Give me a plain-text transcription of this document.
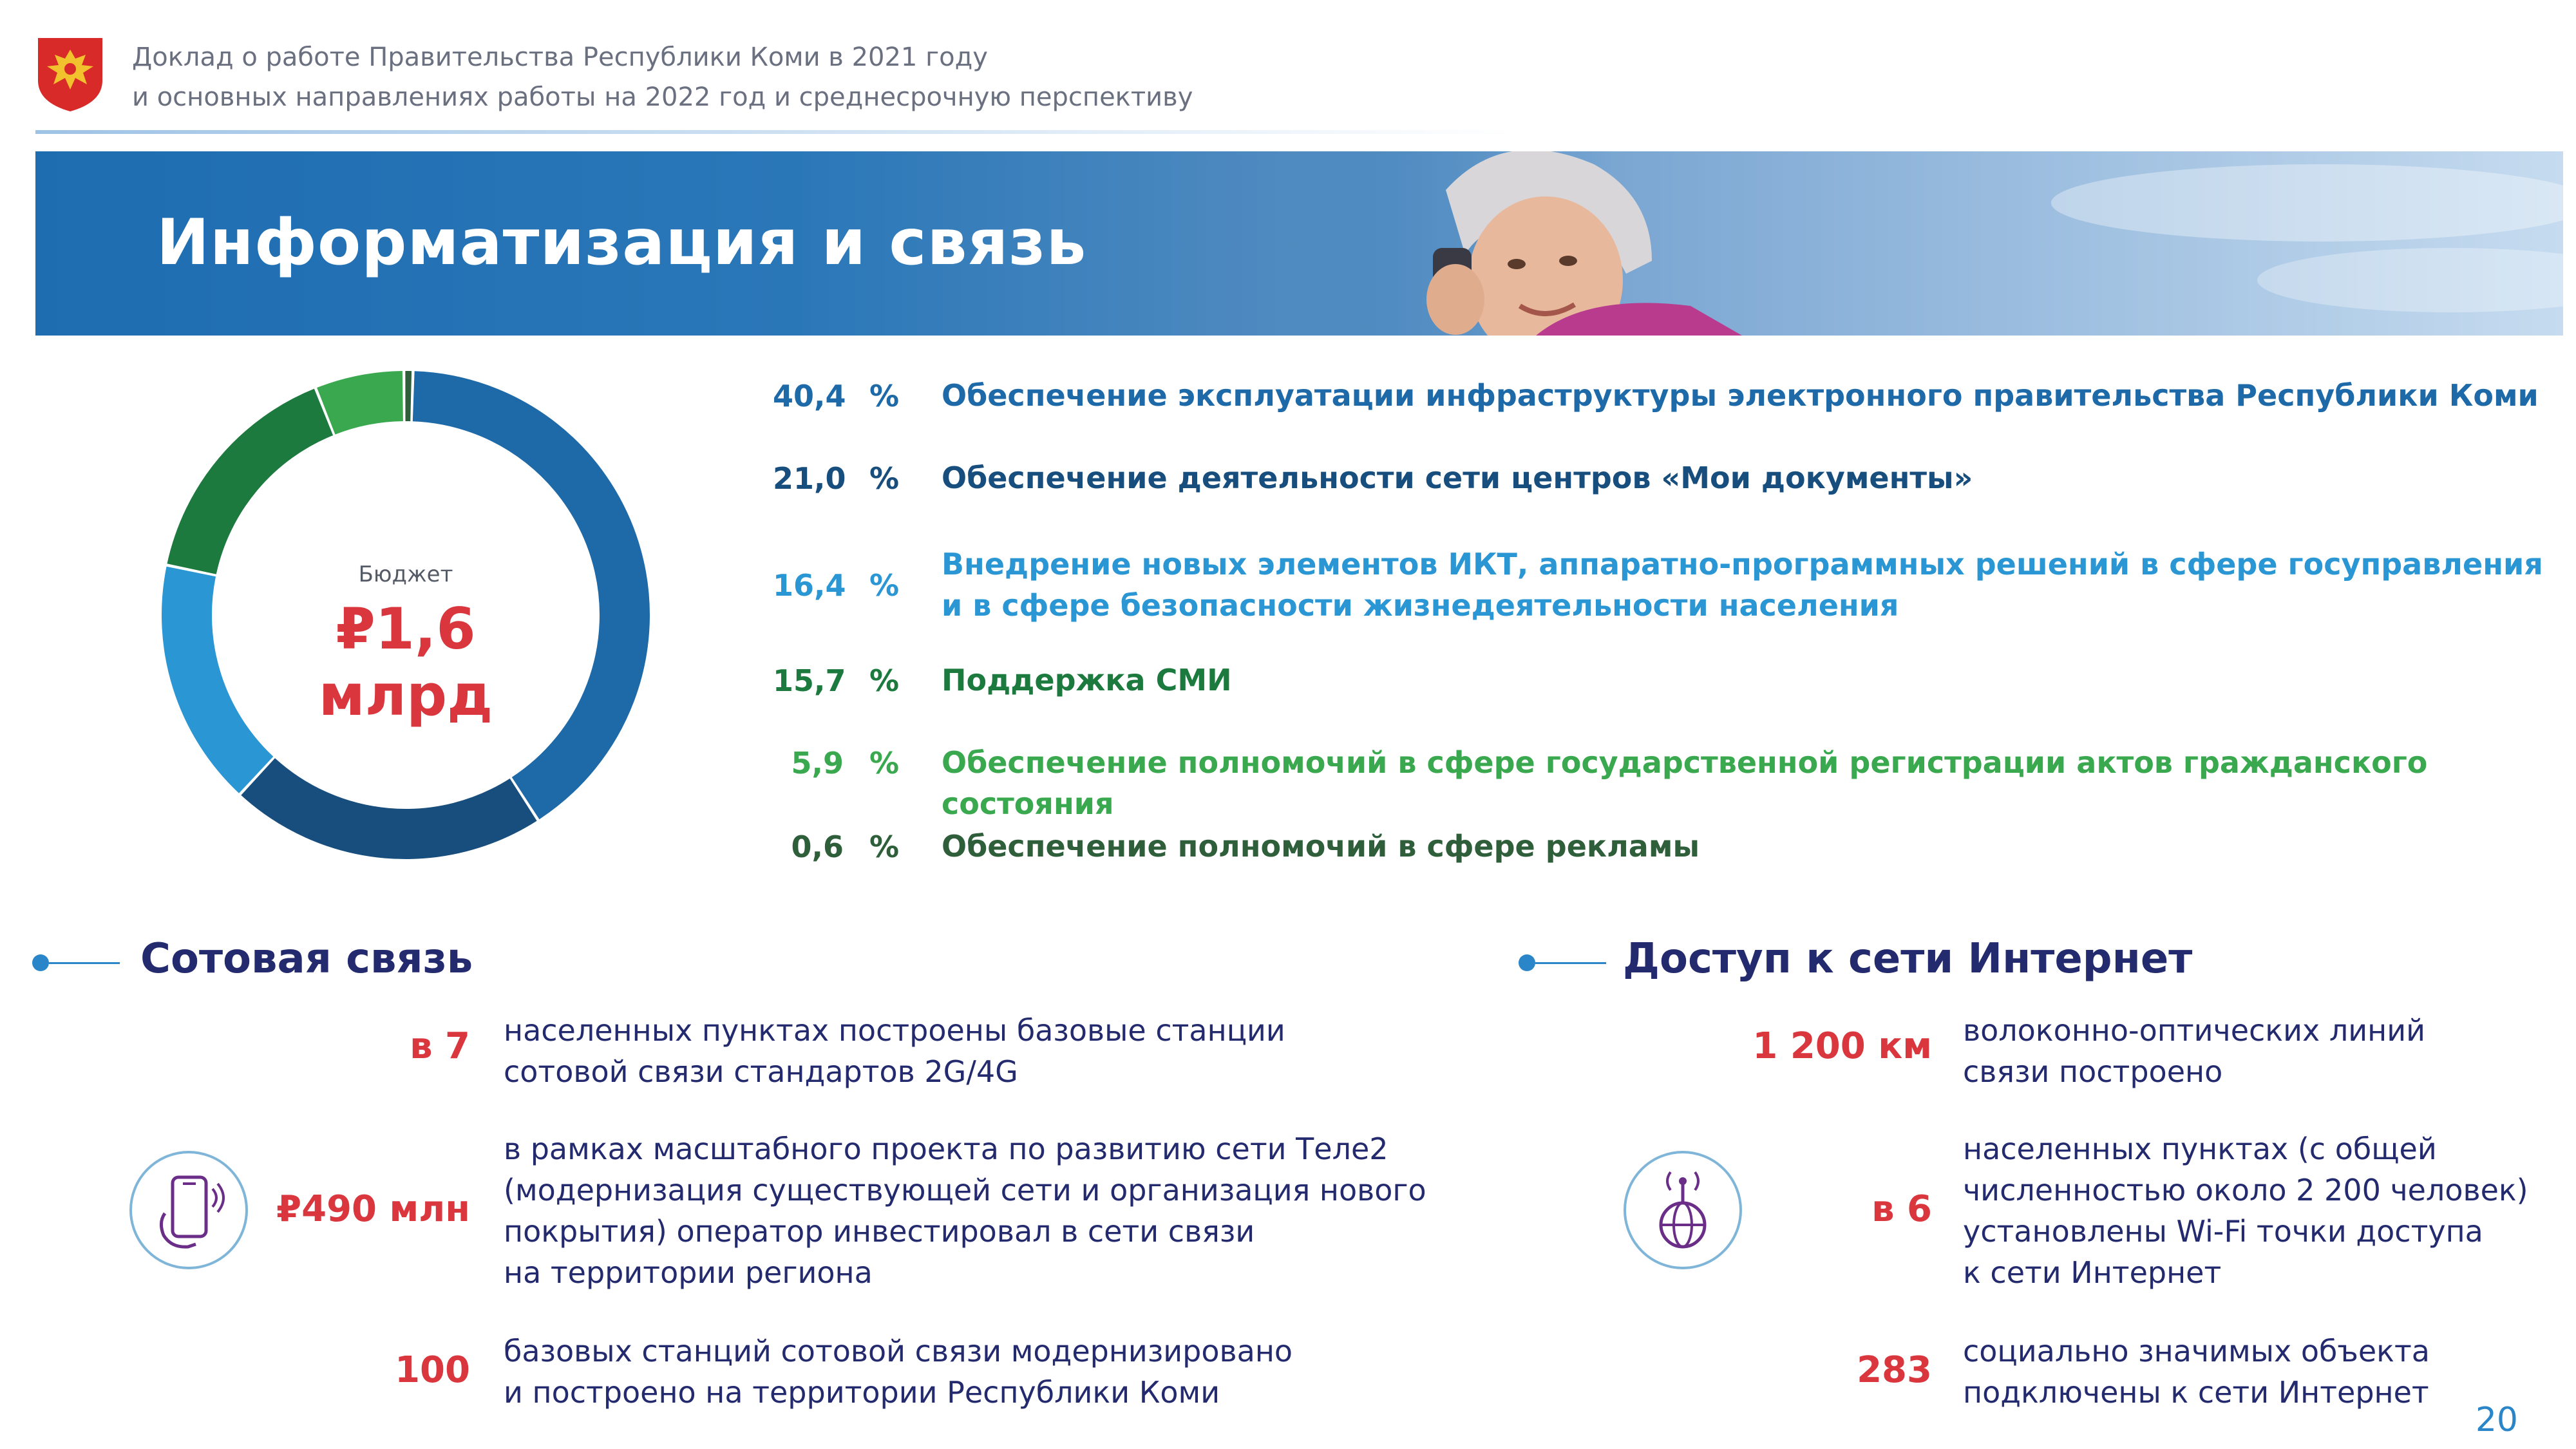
Доклад о работе Правительства Республики Коми в 2021 году
и основных направлениях работы на 2022 год и среднесрочную перспективу
Информатизация и связь
Бюджет
₽1,6 млрд
40,4 % Обеспечение эксплуатации инфраструктуры электронного правительства Республики Коми
21,0 % Обеспечение деятельности сети центров «Мои документы»
16,4 %
Внедрение новых элементов ИКТ, аппаратно-программных решений в сфере госуправления
и в сфере безопасности жизнедеятельности населения
15,7 % Поддержка СМИ
5,9 % Обеспечение полномочий в сфере государственной регистрации актов гражданского состояния
0,6 % Обеспечение полномочий в сфере рекламы
Сотовая связь
в 7 населенных пунктах построены базовые станции
сотовой связи стандартов 2G/4G
₽490 млн
в рамках масштабного проекта по развитию сети Теле2
(модернизация существующей сети и организация нового
покрытия) оператор инвестировал в сети связи
на территории региона
100 базовых станций сотовой связи модернизировано
и построено на территории Республики Коми
Доступ к сети Интернет
1 200 км волоконно-оптических линий
связи построено
в 6
населенных пунктах (с общей
численностью около 2 200 человек)
установлены Wi-Fi точки доступа
к сети Интернет
283 социально значимых объекта
подключены к сети Интернет
20
